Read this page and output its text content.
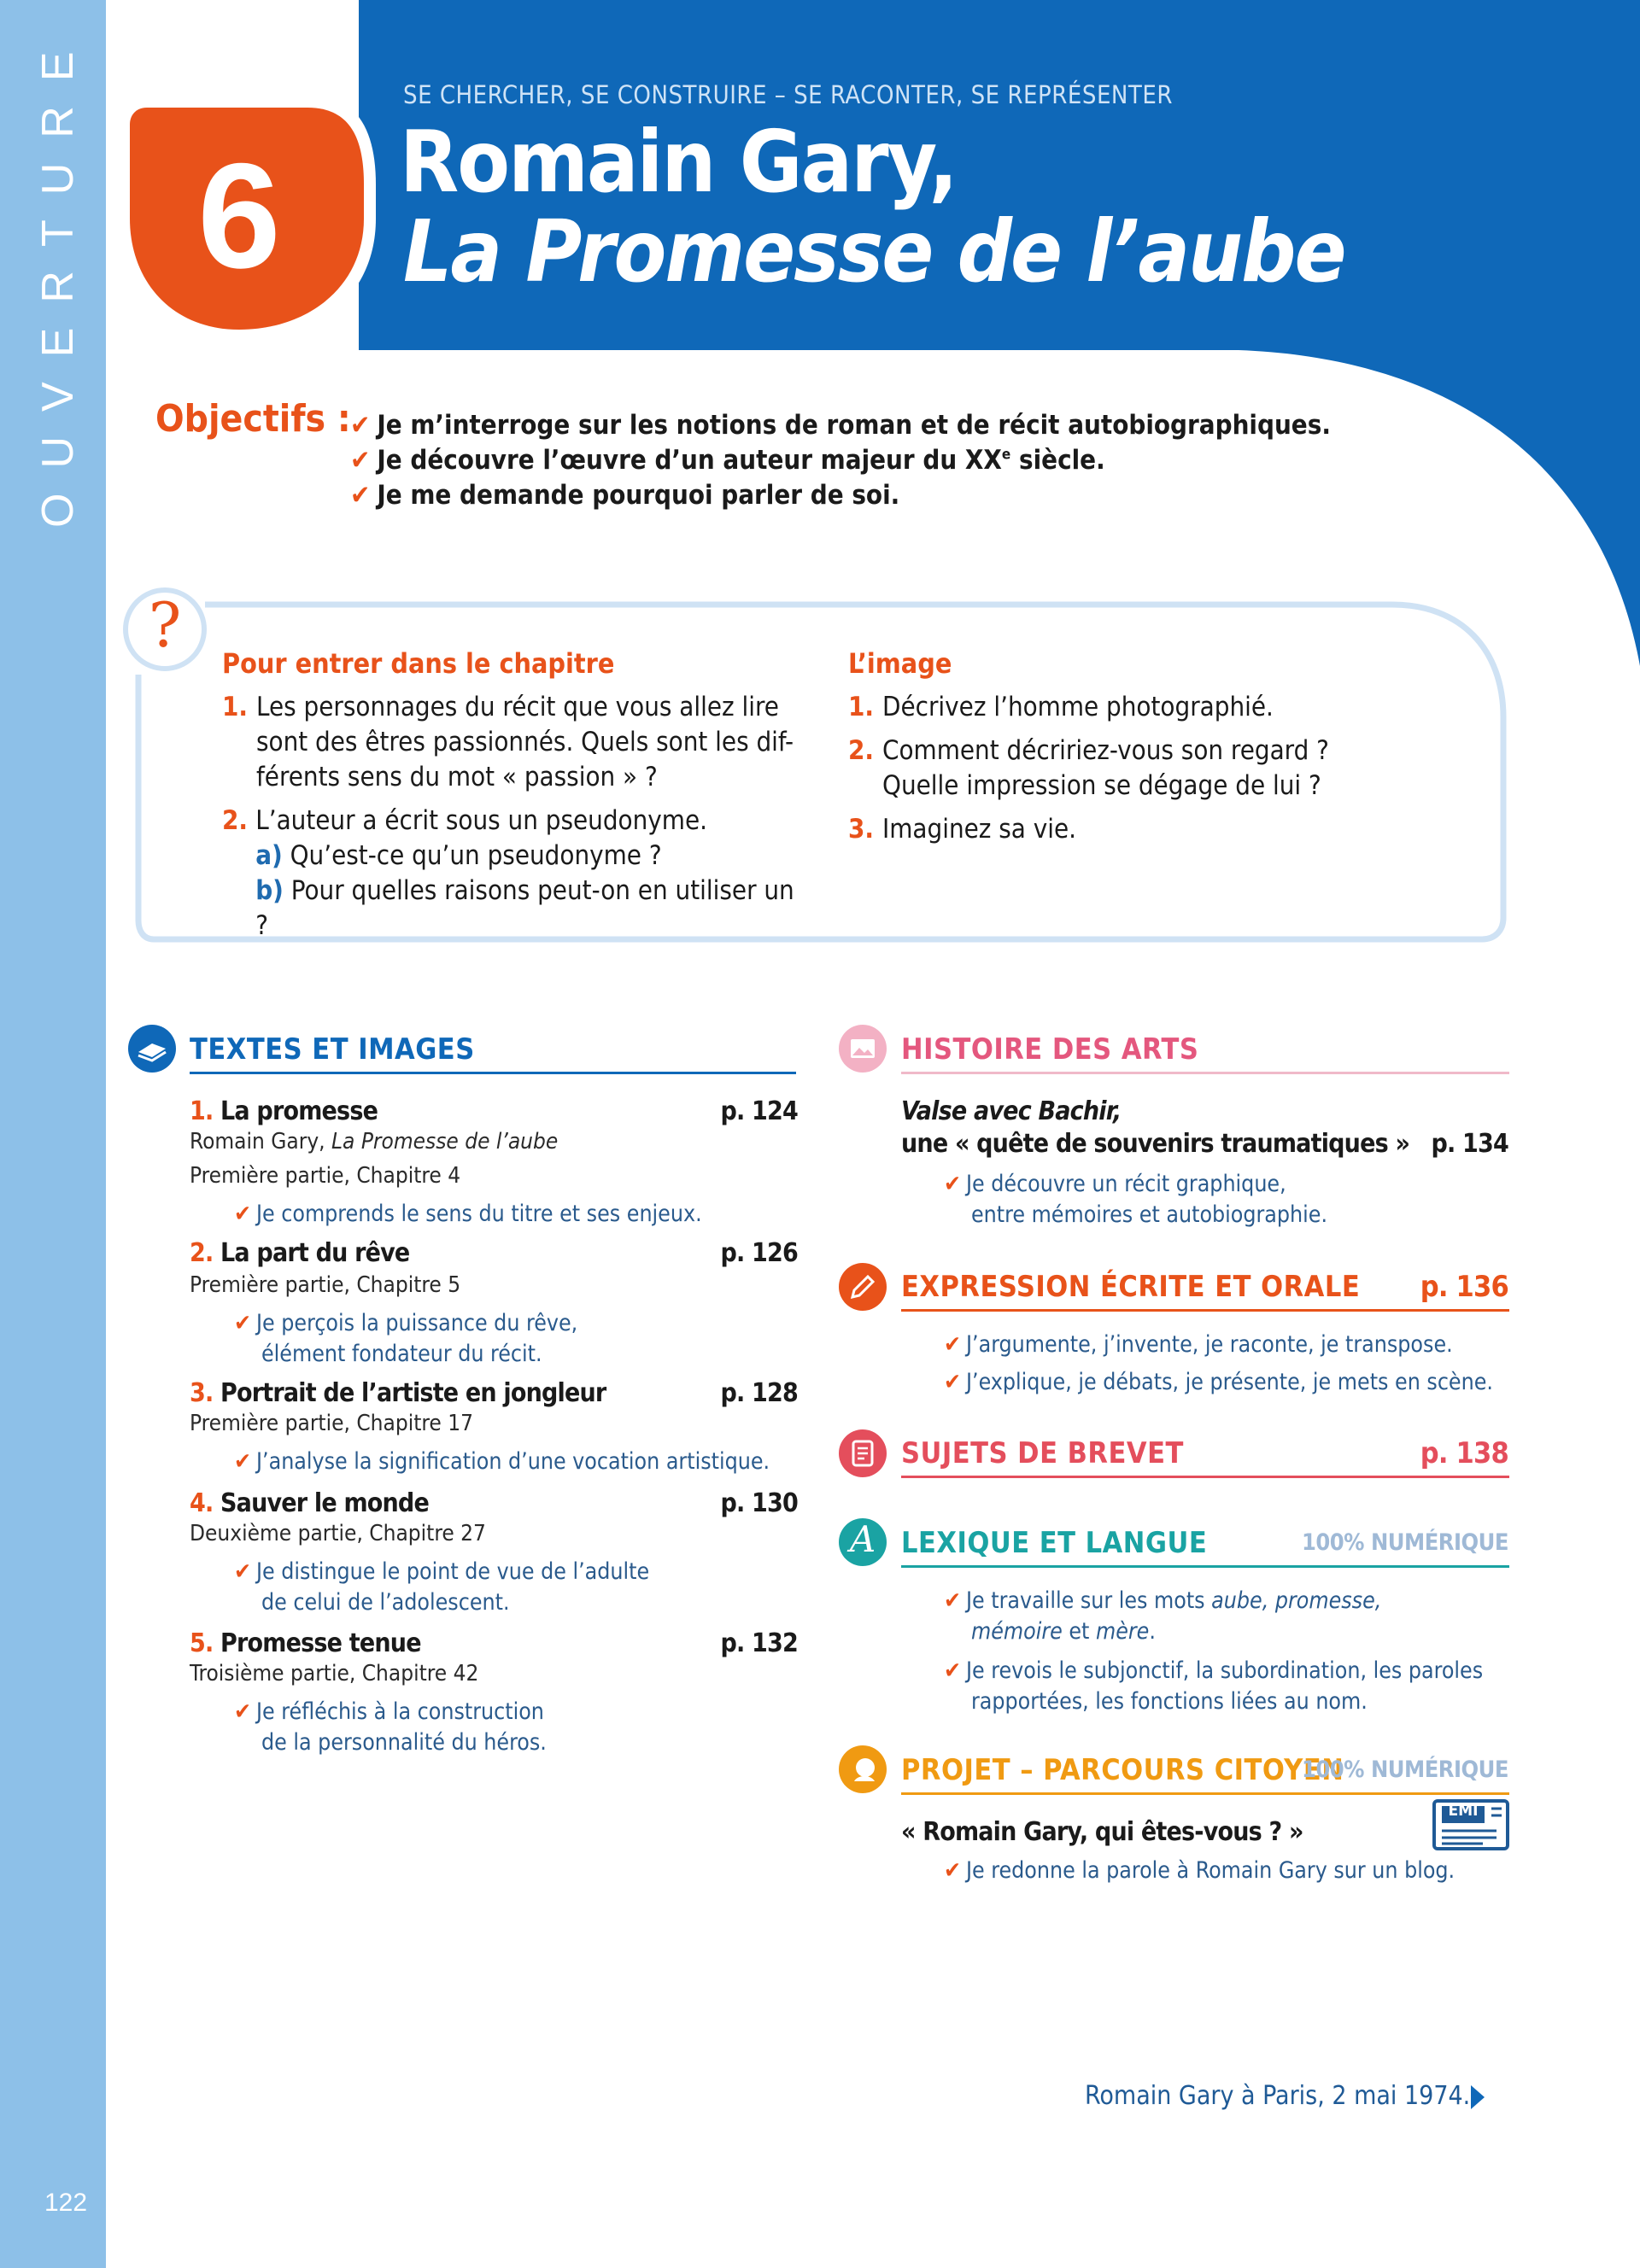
OUVERTURE
122
6
SE CHERCHER, SE CONSTRUIRE – SE RACONTER, SE REPRÉSENTER
Romain Gary,
La Promesse de l’aube
Objectifs : ✔ Je m’interroge sur les notions de roman et de récit autobiographiques.
✔ Je découvre l’œuvre d’un auteur majeur du XXe siècle.
✔ Je me demande pourquoi parler de soi.
?
Pour entrer dans le chapitre
1. Les personnages du récit que vous allez lire
sont des êtres passionnés. Quels sont les dif-
férents sens du mot « passion » ?
2. L’auteur a écrit sous un pseudonyme.
a) Qu’est-ce qu’un pseudonyme ?
b) Pour quelles raisons peut-on en utiliser un ?
L’image
1. Décrivez l’homme photographié.
2. Comment décririez-vous son regard ?
Quelle impression se dégage de lui ?
3. Imaginez sa vie.
TEXTES ET IMAGES
1. La promesse	p. 124
Romain Gary, La Promesse de l’aube
Première partie, Chapitre 4
✔ Je comprends le sens du titre et ses enjeux.
2. La part du rêve	p. 126
Première partie, Chapitre 5
✔ Je perçois la puissance du rêve,
élément fondateur du récit.
3. Portrait de l’artiste en jongleur	p. 128
Première partie, Chapitre 17
✔ J’analyse la signification d’une vocation artistique.
4. Sauver le monde	p. 130
Deuxième partie, Chapitre 27
✔ Je distingue le point de vue de l’adulte
de celui de l’adolescent.
5. Promesse tenue	p. 132
Troisième partie, Chapitre 42
✔ Je réfléchis à la construction
de la personnalité du héros.
HISTOIRE DES ARTS
Valse avec Bachir,
une « quête de souvenirs traumatiques » p. 134
✔ Je découvre un récit graphique,
entre mémoires et autobiographie.
EXPRESSION ÉCRITE ET ORALE	p. 136
✔ J’argumente, j’invente, je raconte, je transpose.
✔ J’explique, je débats, je présente, je mets en scène.
SUJETS DE BREVET	p. 138
A LEXIQUE ET LANGUE	100% NUMÉRIQUE
✔ Je travaille sur les mots aube, promesse,
mémoire et mère.
✔ Je revois le subjonctif, la subordination, les paroles
rapportées, les fonctions liées au nom.
PROJET – PARCOURS CITOYEN
100% NUMÉRIQUE
EMI
« Romain Gary, qui êtes-vous ? »
✔ Je redonne la parole à Romain Gary sur un blog.
Romain Gary à Paris, 2 mai 1974.
